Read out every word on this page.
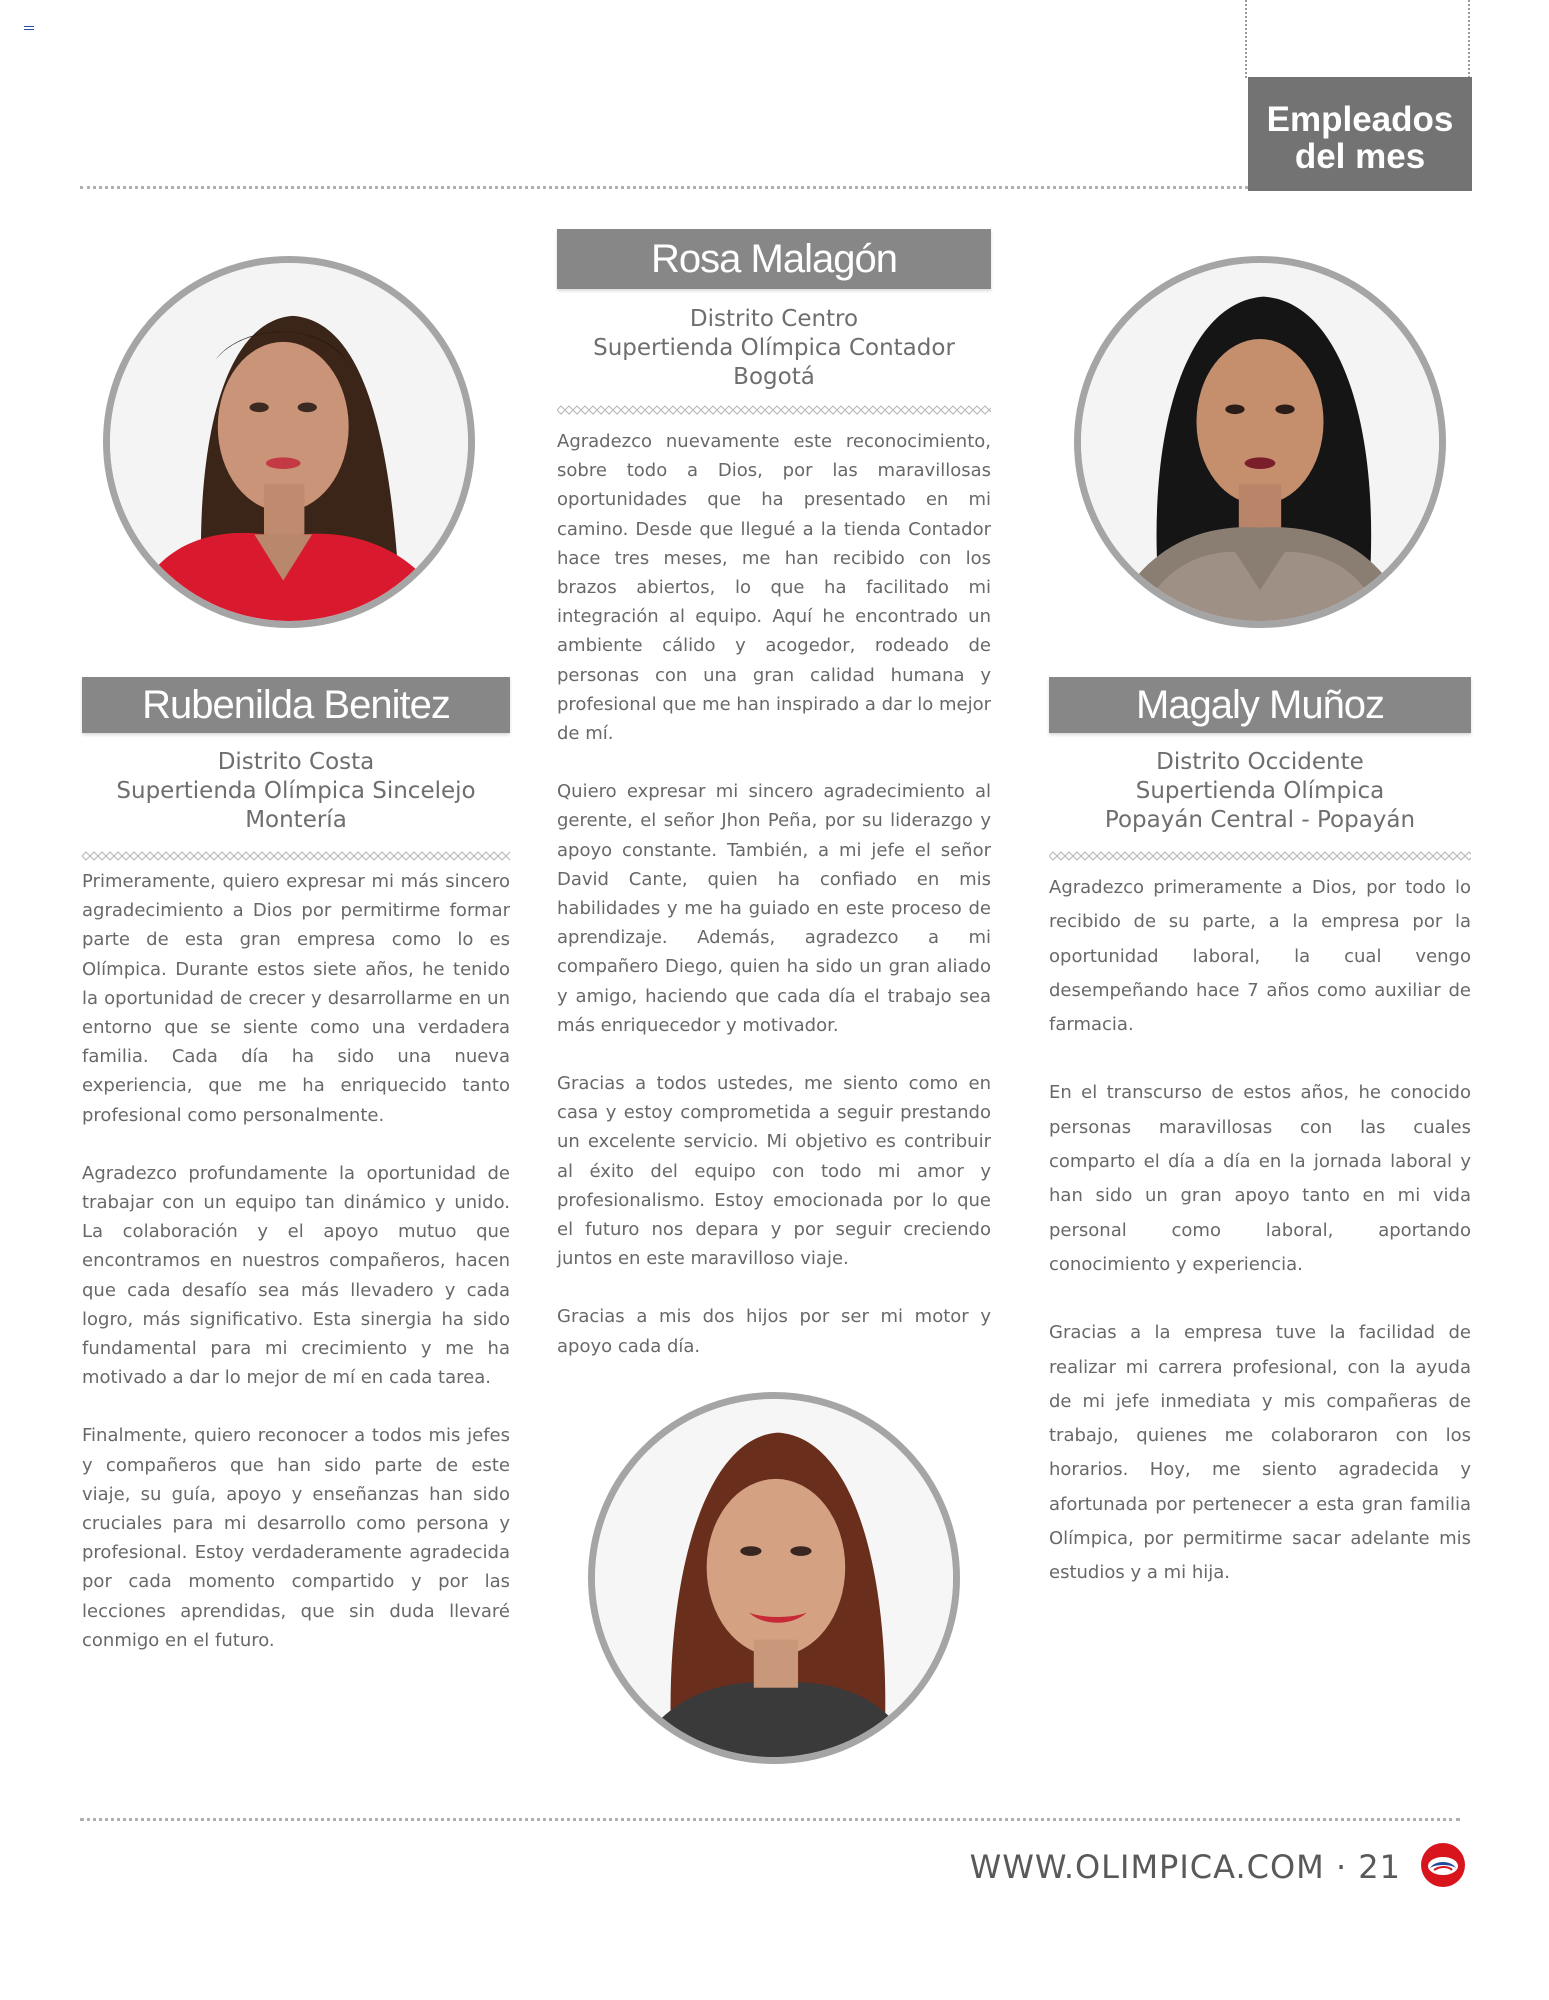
Empleados
del mes
Rubenilda Benitez
Distrito Costa
Supertienda Olímpica Sincelejo
Montería

Primeramente, quiero expresar mi más sincero agradecimiento a Dios por permitirme formar parte de esta gran empresa como lo es Olímpica. Durante estos siete años, he tenido la oportunidad de crecer y desarrollarme en un entorno que se siente como una verdadera familia. Cada día ha sido una nueva experiencia, que me ha enriquecido tanto profesional como personalmente.

Agradezco profundamente la oportunidad de trabajar con un equipo tan dinámico y unido. La colaboración y el apoyo mutuo que encontramos en nuestros compañeros, hacen que cada desafío sea más llevadero y cada logro, más significativo. Esta sinergia ha sido fundamental para mi crecimiento y me ha motivado a dar lo mejor de mí en cada tarea.

Finalmente, quiero reconocer a todos mis jefes y compañeros que han sido parte de este viaje, su guía, apoyo y enseñanzas han sido cruciales para mi desarrollo como persona y profesional. Estoy verdaderamente agradecida por cada momento compartido y por las lecciones aprendidas, que sin duda llevaré conmigo en el futuro.

Rosa Malagón
Distrito Centro
Supertienda Olímpica Contador
Bogotá

Agradezco nuevamente este reconocimiento, sobre todo a Dios, por las maravillosas oportunidades que ha presentado en mi camino. Desde que llegué a la tienda Contador hace tres meses, me han recibido con los brazos abiertos, lo que ha facilitado mi integración al equipo. Aquí he encontrado un ambiente cálido y acogedor, rodeado de personas con una gran calidad humana y profesional que me han inspirado a dar lo mejor de mí.

Quiero expresar mi sincero agradecimiento al gerente, el señor Jhon Peña, por su liderazgo y apoyo constante. También, a mi jefe el señor David Cante, quien ha confiado en mis habilidades y me ha guiado en este proceso de aprendizaje. Además, agradezco a mi compañero Diego, quien ha sido un gran aliado y amigo, haciendo que cada día el trabajo sea más enriquecedor y motivador.

Gracias a todos ustedes, me siento como en casa y estoy comprometida a seguir prestando un excelente servicio. Mi objetivo es contribuir al éxito del equipo con todo mi amor y profesionalismo. Estoy emocionada por lo que el futuro nos depara y por seguir creciendo juntos en este maravilloso viaje.

Gracias a mis dos hijos por ser mi motor y apoyo cada día.

Magaly Muñoz
Distrito Occidente
Supertienda Olímpica
Popayán Central - Popayán

Agradezco primeramente a Dios, por todo lo recibido de su parte, a la empresa por la oportunidad laboral, la cual vengo desempeñando hace 7 años como auxiliar de farmacia.

En el transcurso de estos años, he conocido personas maravillosas con las cuales comparto el día a día en la jornada laboral y han sido un gran apoyo tanto en mi vida personal como laboral, aportando conocimiento y experiencia.

Gracias a la empresa tuve la facilidad de realizar mi carrera profesional, con la ayuda de mi jefe inmediata y mis compañeras de trabajo, quienes me colaboraron con los horarios. Hoy, me siento agradecida y afortunada por pertenecer a esta gran familia Olímpica, por permitirme sacar adelante mis estudios y a mi hija.

WWW.OLIMPICA.COM · 21
